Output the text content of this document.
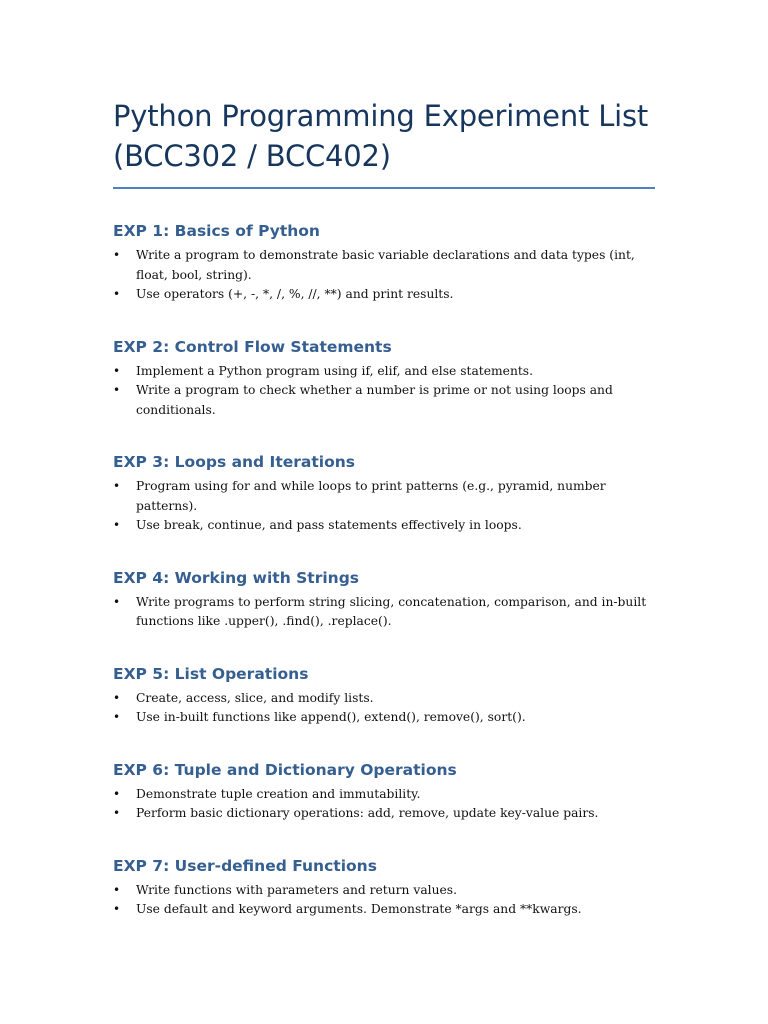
Python Programming Experiment List
(BCC302 / BCC402)
EXP 1: Basics of Python
• Write a program to demonstrate basic variable declarations and data types (int, float, bool, string).
• Use operators (+, -, *, /, %, //, **) and print results.
EXP 2: Control Flow Statements
• Implement a Python program using if, elif, and else statements.
• Write a program to check whether a number is prime or not using loops and conditionals.
EXP 3: Loops and Iterations
• Program using for and while loops to print patterns (e.g., pyramid, number patterns).
• Use break, continue, and pass statements effectively in loops.
EXP 4: Working with Strings
• Write programs to perform string slicing, concatenation, comparison, and in-built functions like .upper(), .find(), .replace().
EXP 5: List Operations
• Create, access, slice, and modify lists.
• Use in-built functions like append(), extend(), remove(), sort().
EXP 6: Tuple and Dictionary Operations
• Demonstrate tuple creation and immutability.
• Perform basic dictionary operations: add, remove, update key-value pairs.
EXP 7: User-defined Functions
• Write functions with parameters and return values.
• Use default and keyword arguments. Demonstrate *args and **kwargs.
